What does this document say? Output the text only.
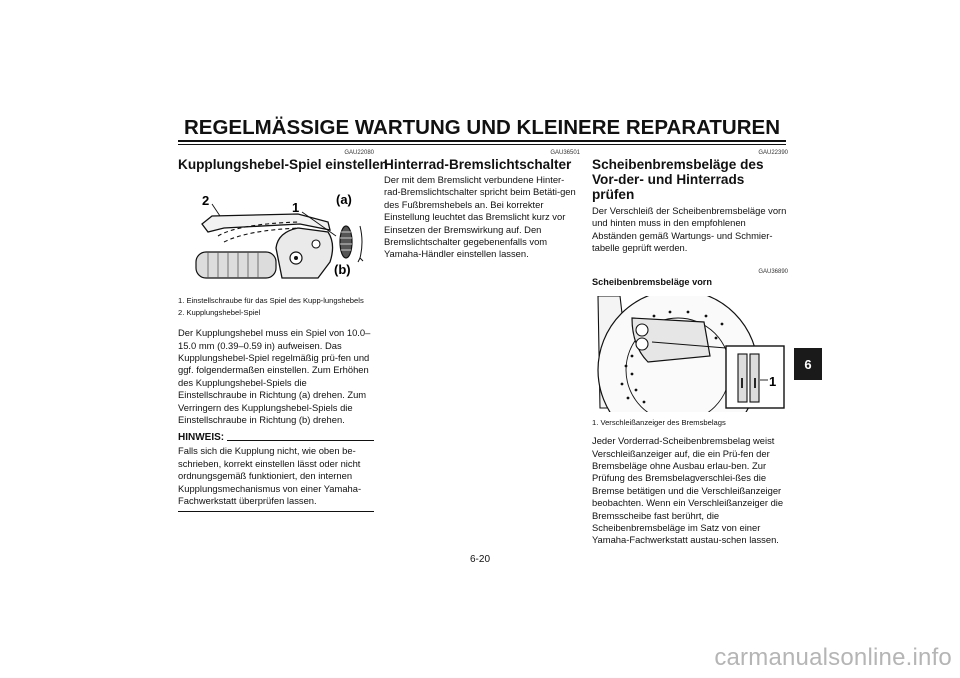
REGELMÄSSIGE WARTUNG UND KLEINERE REPARATUREN
GAU22080
Kupplungshebel-Spiel einstellen
2	1
(a)
(b)
1. Einstellschraube für das Spiel des Kupp-lungshebels
2. Kupplungshebel-Spiel
Der Kupplungshebel muss ein Spiel von 10.0–15.0 mm (0.39–0.59 in) aufweisen. Das Kupplungshebel-Spiel regelmäßig prü-fen und ggf. folgendermaßen einstellen. Zum Erhöhen des Kupplungshebel-Spiels die Einstellschraube in Richtung (a) drehen. Zum Verringern des Kupplungshebel-Spiels die Einstellschraube in Richtung (b) drehen.
HINWEIS:
Falls sich die Kupplung nicht, wie oben be-schrieben, korrekt einstellen lässt oder nicht ordnungsgemäß funktioniert, den internen Kupplungsmechanismus von einer Yamaha-Fachwerkstatt überprüfen lassen.
GAU36501
Hinterrad-Bremslichtschalter
Der mit dem Bremslicht verbundene Hinter-rad-Bremslichtschalter spricht beim Betäti-gen des Fußbremshebels an. Bei korrekter Einstellung leuchtet das Bremslicht kurz vor Einsetzen der Bremswirkung auf. Den Bremslichtschalter gegebenenfalls vom Yamaha-Händler einstellen lassen.
GAU22390
Scheibenbremsbeläge des Vor-der- und Hinterrads prüfen
Der Verschleiß der Scheibenbremsbeläge vorn und hinten muss in den empfohlenen Abständen gemäß Wartungs- und Schmier-tabelle geprüft werden.
GAU36890
Scheibenbremsbeläge vorn
1
1. Verschleißanzeiger des Bremsbelags
Jeder Vorderrad-Scheibenbremsbelag weist Verschleißanzeiger auf, die ein Prü-fen der Bremsbeläge ohne Ausbau erlau-ben. Zur Prüfung des Bremsbelagverschlei-ßes die Bremse betätigen und die Verschleißanzeiger beobachten. Wenn ein Verschleißanzeiger die Bremsscheibe fast berührt, die Scheibenbremsbeläge im Satz von einer Yamaha-Fachwerkstatt austau-schen lassen.
6
6-20
carmanualsonline.info
